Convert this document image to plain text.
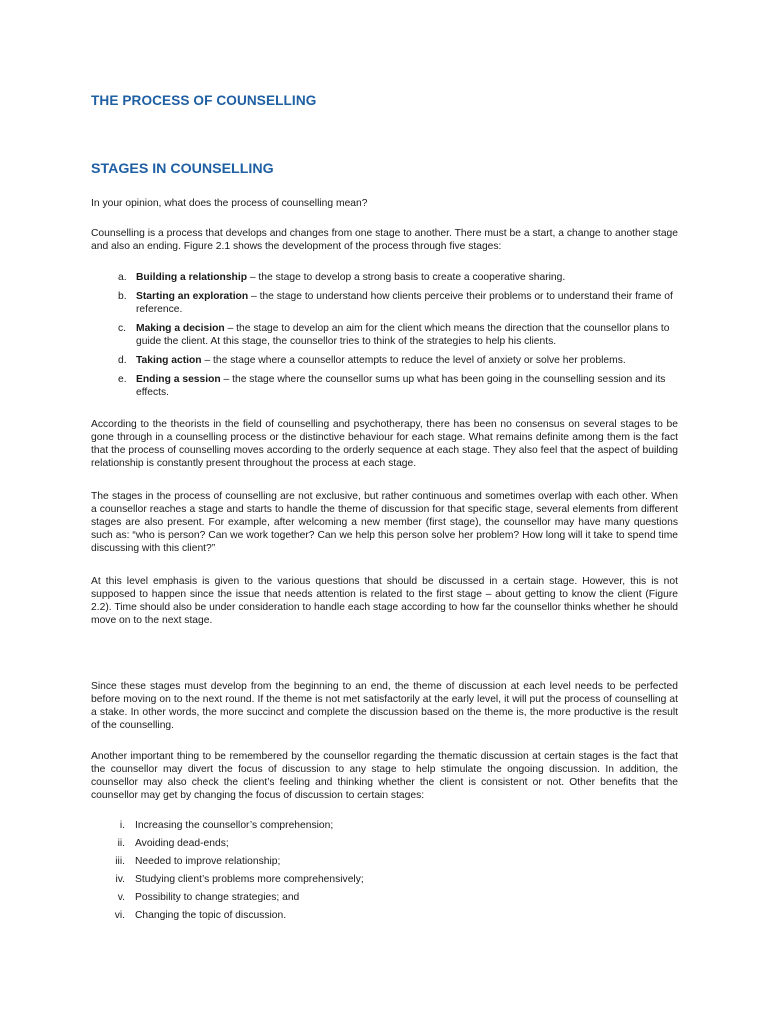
THE PROCESS OF COUNSELLING
STAGES IN COUNSELLING

In your opinion, what does the process of counselling mean?

Counselling is a process that develops and changes from one stage to another. There must be a start, a change to another stage and also an ending. Figure 2.1 shows the development of the process through five stages:

a. Building a relationship – the stage to develop a strong basis to create a cooperative sharing.
b. Starting an exploration – the stage to understand how clients perceive their problems or to understand their frame of reference.
c. Making a decision – the stage to develop an aim for the client which means the direction that the counsellor plans to guide the client. At this stage, the counsellor tries to think of the strategies to help his clients.
d. Taking action – the stage where a counsellor attempts to reduce the level of anxiety or solve her problems.
e. Ending a session – the stage where the counsellor sums up what has been going in the counselling session and its effects.

According to the theorists in the field of counselling and psychotherapy, there has been no consensus on several stages to be gone through in a counselling process or the distinctive behaviour for each stage. What remains definite among them is the fact that the process of counselling moves according to the orderly sequence at each stage. They also feel that the aspect of building relationship is constantly present throughout the process at each stage.

The stages in the process of counselling are not exclusive, but rather continuous and sometimes overlap with each other. When a counsellor reaches a stage and starts to handle the theme of discussion for that specific stage, several elements from different stages are also present. For example, after welcoming a new member (first stage), the counsellor may have many questions such as: “who is person? Can we work together? Can we help this person solve her problem? How long will it take to spend time discussing with this client?”

At this level emphasis is given to the various questions that should be discussed in a certain stage. However, this is not supposed to happen since the issue that needs attention is related to the first stage – about getting to know the client (Figure 2.2). Time should also be under consideration to handle each stage according to how far the counsellor thinks whether he should move on to the next stage.

Since these stages must develop from the beginning to an end, the theme of discussion at each level needs to be perfected before moving on to the next round. If the theme is not met satisfactorily at the early level, it will put the process of counselling at a stake. In other words, the more succinct and complete the discussion based on the theme is, the more productive is the result of the counselling.

Another important thing to be remembered by the counsellor regarding the thematic discussion at certain stages is the fact that the counsellor may divert the focus of discussion to any stage to help stimulate the ongoing discussion. In addition, the counsellor may also check the client’s feeling and thinking whether the client is consistent or not. Other benefits that the counsellor may get by changing the focus of discussion to certain stages:

i. Increasing the counsellor’s comprehension;
ii. Avoiding dead-ends;
iii. Needed to improve relationship;
iv. Studying client’s problems more comprehensively;
v. Possibility to change strategies; and
vi. Changing the topic of discussion.
